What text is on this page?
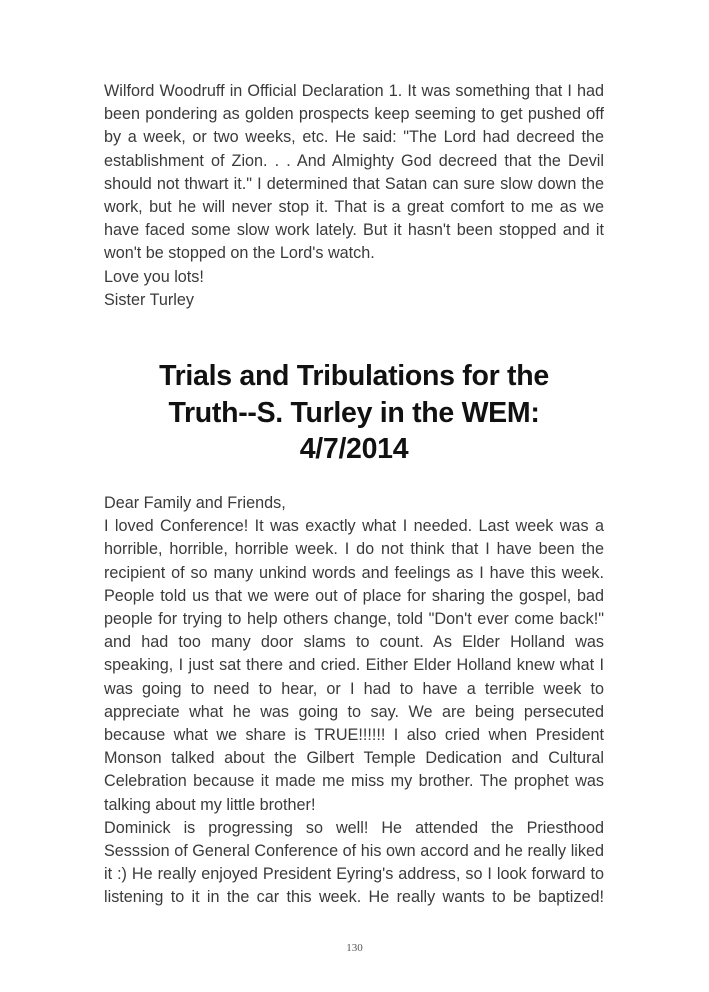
Wilford Woodruff in Official Declaration 1. It was something that I had been pondering as golden prospects keep seeming to get pushed off by a week, or two weeks, etc. He said: "The Lord had decreed the establishment of Zion. . . And Almighty God decreed that the Devil should not thwart it." I determined that Satan can sure slow down the work, but he will never stop it. That is a great comfort to me as we have faced some slow work lately. But it hasn't been stopped and it won't be stopped on the Lord's watch.

Love you lots!

Sister Turley

Trials and Tribulations for the
Truth--S. Turley in the WEM:
4/7/2014

Dear Family and Friends,

I loved Conference! It was exactly what I needed. Last week was a horrible, horrible, horrible week. I do not think that I have been the recipient of so many unkind words and feelings as I have this week. People told us that we were out of place for sharing the gospel, bad people for trying to help others change, told "Don't ever come back!" and had too many door slams to count. As Elder Holland was speaking, I just sat there and cried. Either Elder Holland knew what I was going to need to hear, or I had to have a terrible week to appreciate what he was going to say. We are being persecuted because what we share is TRUE!!!!!! I also cried when President Monson talked about the Gilbert Temple Dedication and Cultural Celebration because it made me miss my brother. The prophet was talking about my little brother!

Dominick is progressing so well! He attended the Priesthood Sesssion of General Conference of his own accord and he really liked it :) He really enjoyed President Eyring's address, so I look forward to listening to it in the car this week. He really wants to be baptized!

130
